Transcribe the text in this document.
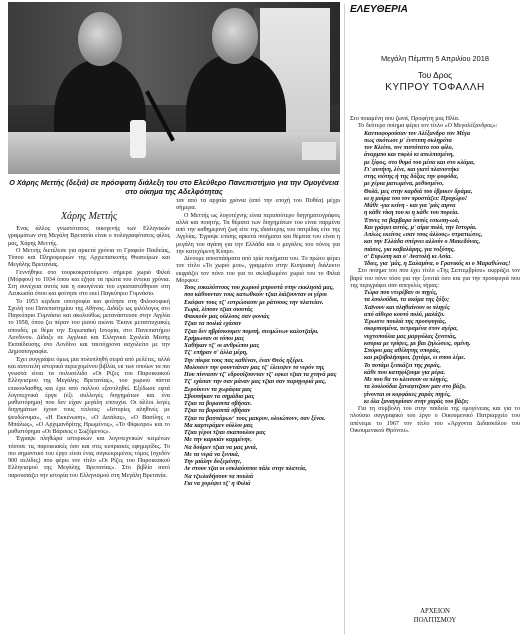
Ο Χάρης Μεττής (δεξιά) σε πρόσφατη διάλεξη του στο Ελεύθερο Πανεπιστήμιο για την Ομογένεια στο οίκημα της Αδελφότητας
Χάρης Μεττής

Ένας άλλος γνωστότατος οικογενής των Ελληνικών γραμμάτων στη Μεγάλη Βρετανία είναι ο πολυγραφότατος φίλος μας, Χάρης Μεττής.

Ο Μεττής διετέλεσε για αρκετά χρόνια το Γραφείο Παιδείας, Τύπου και Πληροφοριών της Αρχιεπισκοπής Θυατείρων και Μεγάλης Βρετανίας.

Γεννήθηκε στο τουρκοκρατούμενο σήμερα χωριό Φιλιά (Μόρφου) το 1934 όπου και έζησε τα πρώτα του έντεκα χρόνια. Στη συνέχεια αυτός και η οικογένεια του εγκαταστάθηκαν στη Λευκωσία όπου και φοίτησε στο εκεί Παγκύπριο Γυμνάσιο.

Το 1953 κέρδισε υποτροφία και φοίτησε στη Φιλοσοφική Σχολή του Πανεπιστημίου της Αθήνας. Διδάξε ως φιλόλογος στο Παγκύπριο Γυμνάσιο και ακολούθως μετανάστευσε στην Αγγλία το 1958, όπου ζει πέραν του μισού αιώνα. Έκανε μεταπτυχιακές σπουδές με θέμα την Ευρωπαϊκή Ιστορία, στο Πανεπιστήμιο Λονδίνου. Δίδαξε σε Αγγλικά και Ελληνικά Σχολεία Μέσης Εκπαίδευσης στο Λονδίνο και ταυτόχρονα ασχολείτο με την Δημοσιογραφία.

Έχει συγγράψει όμως μια πολυπληθή σειρά από μελέτες, αλλά και αυτοτελή ιστορικά περιεχομένου βιβλία, εκ των οποίων τα πιο γνωστά είναι τα πολυσέλιδο «Οι Ρίζες του Παροικιακού Ελληνισμού της Μεγάλης Βρετανίας», του χωριού πάντα επικουδασθης και έχει από πολλού εξαντληθεί. Εξέδωσε εφτά λογοτεχνικά έργα (έξι συλλογές διηγημάτων και ένα μυθιστόρημα) που δεν είχαν μεγάλη επιτυχία. Οι άλλοι λογές διηγημάτων έχουν τους τίτλους: «Ιστορίες αληθινές με ψευδώνυμα», «Η Εκκένωση», «Ο Διτάλας», «Ο Βασίλης ο Μπάλως», «Ο Αρχιμανδρίτης Ηρωμένος», «Το Φίφωτρο» και το μυθιστόρημα «Οι Βάρσεις ο Σωζόμενος».

Έγραψε πληθώρα ιστορικών και λογοτεχνικών κειμένων τόσοσε τις παροικιακές όσο και στις κυπριακές εφημερίδες. Το πιο σημαντικό του έργο είναι ένας συγκεκριμένος τόμος (σχεδόν 900 σελίδες) που φέρει τον τίτλο «Οι Ρίζες του Παροικιακού Ελληνισμού της Μεγάλης Βρετανίας». Στο βιβλίο αυτό παρουσιάζει την ιστορία του Ελληνισμού στη Μεγάλη Βρετανία.

ταν από τα αρχαία χρόνια (από την εποχή του Πυθέα) μέχρι σήμερα.

Ο Μεττής ως λογοτέχνης είναι περισσότερο διηγηματογράφος αλλά και ποιητής. Τα θέματα των διηγημάτων του είναι παρμένα από την καθημερινή ζωή είτε της ιδιαίτερης του πατρίδας είτε της Αγγλίας. Έγραψε επίσης αρκετά ποιήματα και θέματα του είναι η μεγάλη του αγάπη για την Ελλάδα και ο μεγάλος του πόνος για την κατεχόμενη Κύπρο.

Δίνουμε αποσπάσματα από τρία ποιήματα του. Το πρώτο φέρει τον τίτλο «Το χωριό μου», γραμμένο στην Κυπριακή διάλεκτο εκφράζει τον πόνο του για το σκλαβωμένο χωριό του το Φιλιά Μόρφου:

Τους ευκαλύπτους του χωριού μπροστά στην εκκλησιά μας,

που κάθουνταν τους κατωθκιόν τζιαι λιάζουνταν οι γέροι

Εκόψαν τους τζ' εστρώσασιν με ράτσους την πλατείαν.

Τωρά, λίπουν τζιαι σιουτάς

Φακκούν μας ούλλους σαν φονιάς

Τζιαι τα ποιλιά εχάσαν

Τζιαι δεν ηβρίσκουμεν πομπή, σιειμώνων καλοτζαίρι.

Ερήμωσαν οι τόποι μας

Χαθήκαν τζ' οι ανθρώποι μας

Τζ' επήραν σ' άλλα μέρη,

Την πίκρα τους πας καθέναν, έναν Θεός ηξέρει.

Μολοισεν την φουντιάναν μας τζ' έλειεψεν το νερόν της

Που πίννασιν τζ' εδροσίζουνταν τζ' εφκει τζιαι τα χτηνά μας

Τζ' εχάσαν την σαν μάναν μας τζιαι σαν παρηγοριά μας,

Ξεροίκνεν τα χωράφια μας

Σβουπήκαν τα σημάδια μας

Τζιαι τα βορασιτα σβήσαν.

Τζιαι τα βορασιτά σβήσαν

Τζιαι τα βασπάρων' τους μακρον, ολοιώπονν, σαν ξένοι.

Μα καρτεράμεν ούλλοι μας

Τζιαι γέροι τζιαι σκαπουλιοι μας

Με την καρκιάν καμμένην,

Να δούμεν τζιαι να μας μνιά,

Με τα νερά να ξενικά,

Την μιάλην δοξεμένην,

Αν στουν τζαι οι εσκλαύσιποι πάλε στην πλατεία,

Να τζιελαδήσουν τα πουλιά

Για να χορέψει τζ' η Φιλιά

ΕΛΕΥΘΕΡΙΑ
Μεγάλη Πέμπτη 5 Απριλίου 2018
Του Δρος
ΚΥΠΡΟΥ ΤΟΦΑΛΛΗ

Στο ποιαμένη σου ζωνά, Προφήτη μας Ηλία.

Το δεύτερο ποίημα φέρει τον τίτλο «Ο Μεγαλέξανδρος»:

Καντιοφορούσαν τον Αλέξανδρο τον Μέγα

πως σκότωσε μ' ένστιπη σκληρότα

τον Κλείτο, τον πιστότατο του φίλο,

άναρμπο και τυφλό κι απελπισμένη,

με ξίφος, στο θυμό του μέσα και στο κλάμα,

Γι' αυτήνη, λένε, και γιατί πλανιστήκε

στης νιότης ή της δόξας την φοφόδα,

με χέρια ματωμένα, μεθυσμένο,

Θολά, μες στην καρδιά του έβρικεν δράμα,

κι η μοίρα του τον προστάζει: Προχώρο!

Μάθε -για κείνη - και για 'μάς αιρνα

η κάθε νίκη του κι η κάθε του πορεία.

Έπνες τα βαρβαρα ίοιπές εσιωπη-ωά,

Και γράφει αυτός, μ' αίμα πολύ, την Ιστορία.

Απλώς εκείνος «σαν τους άλλους» στρατιώτες,

και την Ελλάδα σπέρνει αλλούν ο Μακεδόνας,

πιάσες, για καβαλάρης, για τοξότης,

σ' Ευρώπη και ο' Ανατολή κι Ασία.

Ίδιες, για 'μάς, η Σαλαμίνα, ο Γρανικός κι ο Μαραθώνας!

Στο ποίημα του που έχει τίτλο «Της Σεπτεμβρίου» εκφράζει τον βαρύ του πόνο τόσο για την ξενιτιά όσο και για την προσφυγιά που της περιγράφει σαν απεγκλές τήρας:

Τώρα που ντερέβαν οι πηγές,

τα λουλούδια, τα ακόμα της ξόξο;

Χαϊνουν και πληθαίνουν οι πληγές

από αίθερο κουτό πολύ, μαλάζο.

Έρωστε πουλιά της προσφυγιάς,

σκορπισμένα, πετραμένα στον αγέρα,

νυχτοπούλια μας μαργιόλας ξενιτιάς,

κσυρια με τρίψες, με βαι ζηλώσεις, σμένη.

Σπόροι μας αθέλητης σποράς,

και ριζοβολήσιμοι, ζητάμε, ει σπου λέμε.

Το ποτάμι ξεσκάζει της χαράς,

κάθε που κατηφίζουμε για μέρα.

Με που θα το κλεισουν οι πληγές,

τα λουλούδια ξαναφτιζουν μαν στο βάζο,

γίνονται οι κορφάκες χαράς πηγές,

κι όλα ξαναγυρίσαν στην χαράς του βάζο;

Για τη συμβολή του στην παιδεία της ομογένειας και για το πλούσιο συγγραφικό του έργο ο Οικουμενικό Πατριαρχείο του απένειμε το 1967 τον τίτλο του «Άρχοντα Διδασκάλου του Οικουμενικού Θρόνου».

ΑΡΧΕΙΟΝ
ΠΟΛΙΤΙΣΜΟΥ
